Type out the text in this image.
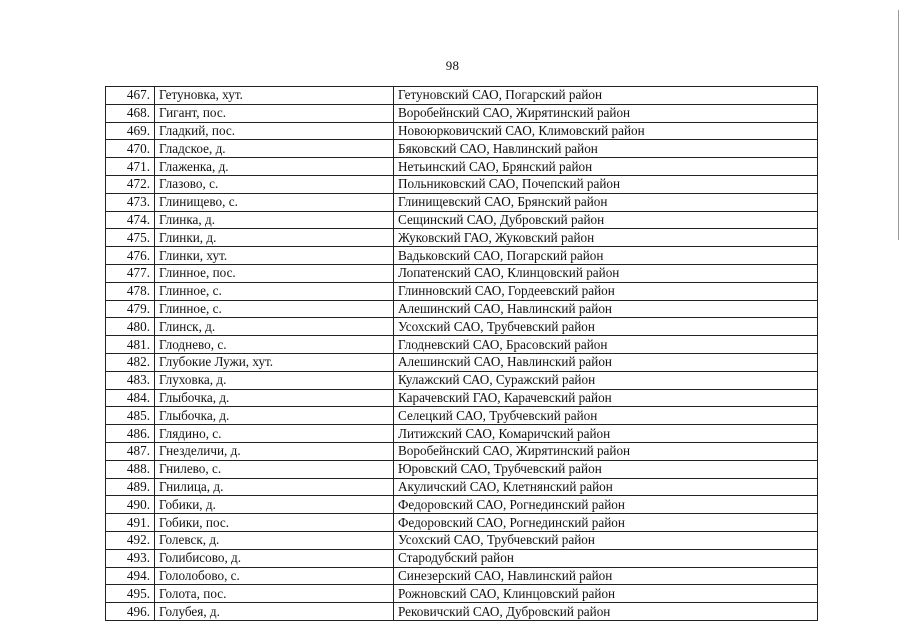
98
467.	Гетуновка, хут.	Гетуновский САО, Погарский район
468.	Гигант, пос.	Воробейнский САО, Жирятинский район
469.	Гладкий, пос.	Новоюрковичский САО, Климовский район
470.	Гладское, д.	Бяковский САО, Навлинский район
471.	Глаженка, д.	Нетьинский САО, Брянский район
472.	Глазово, с.	Польниковский САО, Почепский район
473.	Глинищево, с.	Глинищевский САО, Брянский район
474.	Глинка, д.	Сещинский САО, Дубровский район
475.	Глинки, д.	Жуковский ГАО, Жуковский район
476.	Глинки, хут.	Вадьковский САО, Погарский район
477.	Глинное, пос.	Лопатенский САО, Клинцовский район
478.	Глинное, с.	Глинновский САО, Гордеевский район
479.	Глинное, с.	Алешинский САО, Навлинский район
480.	Глинск, д.	Усохский САО, Трубчевский район
481.	Глоднево, с.	Глодневский САО, Брасовский район
482.	Глубокие Лужи, хут.	Алешинский САО, Навлинский район
483.	Глуховка, д.	Кулажский САО, Суражский район
484.	Глыбочка, д.	Карачевский ГАО, Карачевский район
485.	Глыбочка, д.	Селецкий САО, Трубчевский район
486.	Глядино, с.	Литижский САО, Комаричский район
487.	Гнезделичи, д.	Воробейнский САО, Жирятинский район
488.	Гнилево, с.	Юровский САО, Трубчевский район
489.	Гнилица, д.	Акуличский САО, Клетнянский район
490.	Гобики, д.	Федоровский САО, Рогнединский район
491.	Гобики, пос.	Федоровский САО, Рогнединский район
492.	Голевск, д.	Усохский САО, Трубчевский район
493.	Голибисово, д.	Стародубский район
494.	Гололобово, с.	Синезерский САО, Навлинский район
495.	Голота, пос.	Рожновский САО, Клинцовский район
496.	Голубея, д.	Рековичский САО, Дубровский район
